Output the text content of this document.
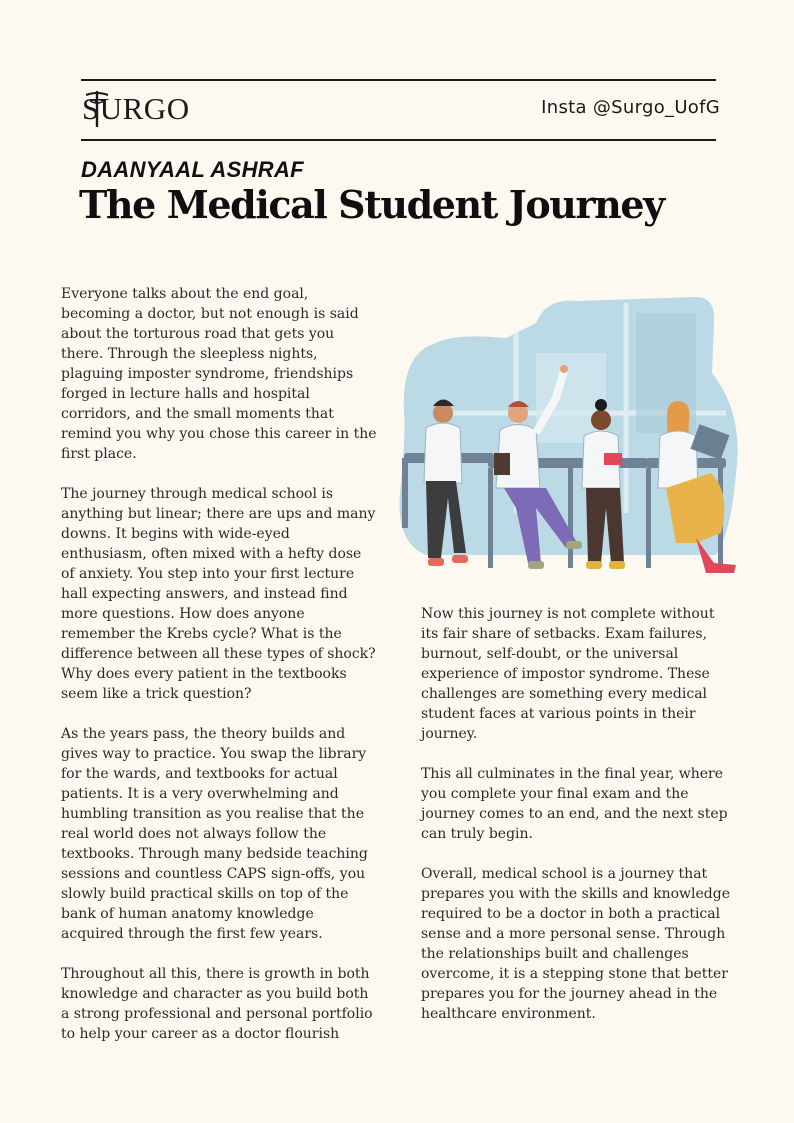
SURGO	Insta @Surgo_UofG
DAANYAAL ASHRAF
The Medical Student Journey

Everyone talks about the end goal, becoming a doctor, but not enough is said about the torturous road that gets you there. Through the sleepless nights, plaguing imposter syndrome, friendships forged in lecture halls and hospital corridors, and the small moments that remind you why you chose this career in the first place.

The journey through medical school is anything but linear; there are ups and many downs. It begins with wide-eyed enthusiasm, often mixed with a hefty dose of anxiety. You step into your first lecture hall expecting answers, and instead find more questions. How does anyone remember the Krebs cycle? What is the difference between all these types of shock? Why does every patient in the textbooks seem like a trick question?

As the years pass, the theory builds and gives way to practice. You swap the library for the wards, and textbooks for actual patients. It is a very overwhelming and humbling transition as you realise that the real world does not always follow the textbooks. Through many bedside teaching sessions and countless CAPS sign-offs, you slowly build practical skills on top of the bank of human anatomy knowledge acquired through the first few years.

Throughout all this, there is growth in both knowledge and character as you build both a strong professional and personal portfolio to help your career as a doctor flourish

Now this journey is not complete without its fair share of setbacks. Exam failures, burnout, self-doubt, or the universal experience of impostor syndrome. These challenges are something every medical student faces at various points in their journey.

This all culminates in the final year, where you complete your final exam and the journey comes to an end, and the next step can truly begin.

Overall, medical school is a journey that prepares you with the skills and knowledge required to be a doctor in both a practical sense and a more personal sense. Through the relationships built and challenges overcome, it is a stepping stone that better prepares you for the journey ahead in the healthcare environment.
